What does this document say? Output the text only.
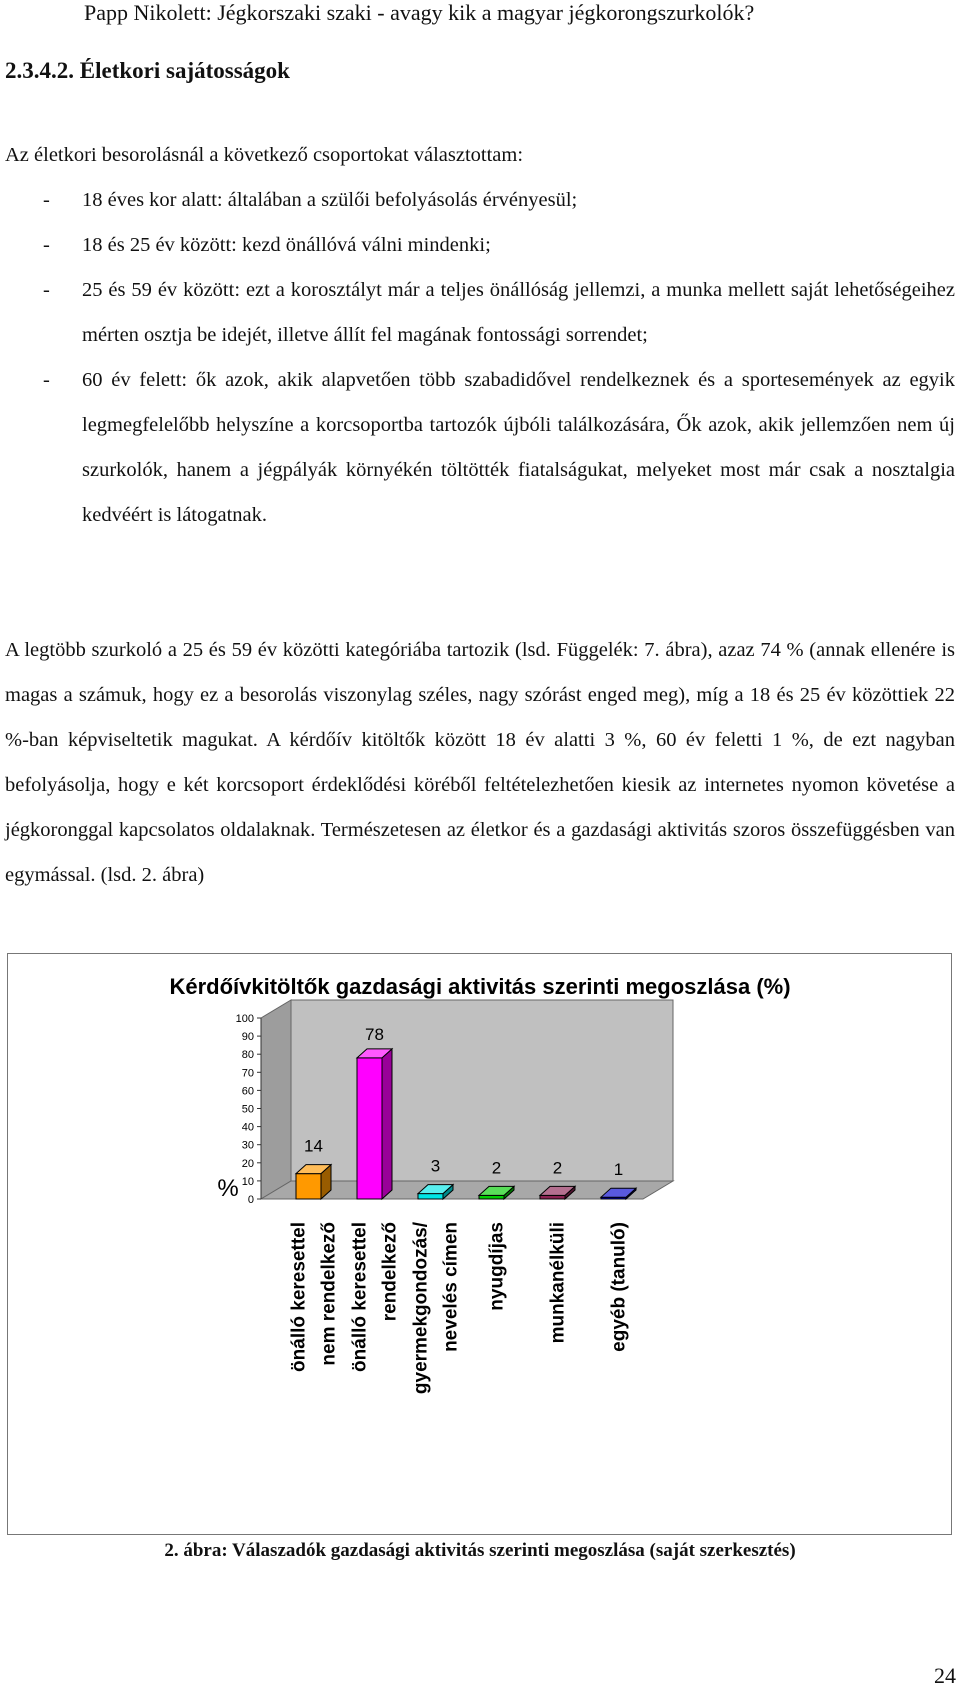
Papp Nikolett: Jégkorszaki szaki - avagy kik a magyar jégkorongszurkolók?
2.3.4.2. Életkori sajátosságok

Az életkori besorolásnál a következő csoportokat választottam:

- 18 éves kor alatt: általában a szülői befolyásolás érvényesül;
- 18 és 25 év között: kezd önállóvá válni mindenki;
- 25 és 59 év között: ezt a korosztályt már a teljes önállóság jellemzi, a munka mellett saját lehetőségeihez mérten osztja be idejét, illetve állít fel magának fontossági sorrendet;
- 60 év felett: ők azok, akik alapvetően több szabadidővel rendelkeznek és a sportesemények az egyik legmegfelelőbb helyszíne a korcsoportba tartozók újbóli találkozására, Ők azok, akik jellemzően nem új szurkolók, hanem a jégpályák környékén töltötték fiatalságukat, melyeket most már csak a nosztalgia kedvéért is látogatnak.

A legtöbb szurkoló a 25 és 59 év közötti kategóriába tartozik (lsd. Függelék: 7. ábra), azaz 74 % (annak ellenére is magas a számuk, hogy ez a besorolás viszonylag széles, nagy szórást enged meg), míg a 18 és 25 év közöttiek 22 %-ban képviseltetik magukat. A kérdőív kitöltők között 18 év alatti 3 %, 60 év feletti 1 %, de ezt nagyban befolyásolja, hogy e két korcsoport érdeklődési köréből feltételezhetően kiesik az internetes nyomon követése a jégkoronggal kapcsolatos oldalaknak. Természetesen az életkor és a gazdasági aktivitás szoros összefüggésben van egymással. (lsd. 2. ábra)

Kérdőívkitöltők gazdasági aktivitás szerinti megoszlása (%)
% 0
10
20
30
40
50
60
70
80
90
100
14
önálló keresettel nem rendelkező
78
önálló keresettel rendelkező
3
gyermekgondozás/ nevelés címen
2
nyugdíjas
2
munkanélküli
1
egyéb (tanuló)
2. ábra: Válaszadók gazdasági aktivitás szerinti megoszlása (saját szerkesztés)
24
